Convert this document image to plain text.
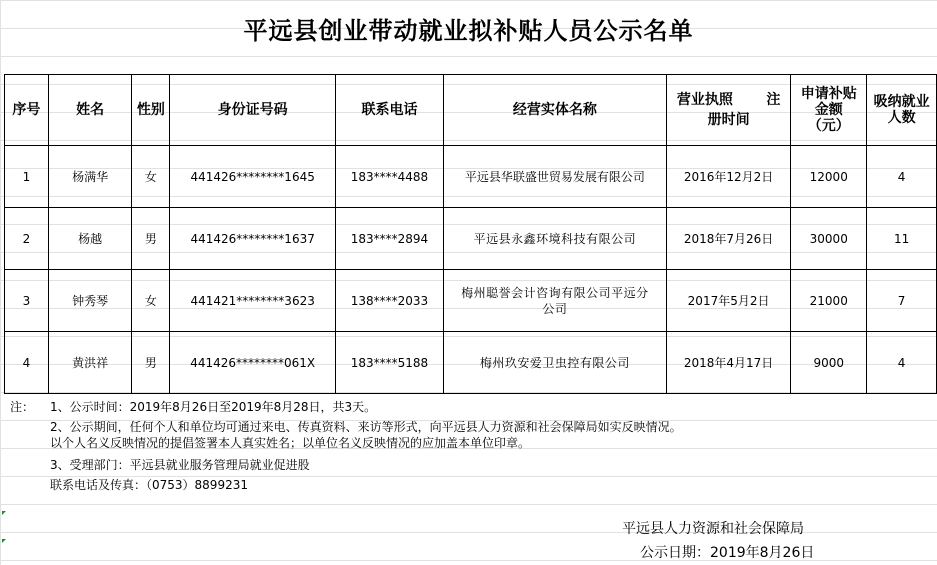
平远县创业带动就业拟补贴人员公示名单
序号	姓名	性别	身份证号码	联系电话	经营实体名称	营业执照 注
册时间	申请补贴金额（元）	吸纳就业人数
1	杨满华	女	441426********1645	183****4488	平远县华联盛世贸易发展有限公司	2016年12月2日	12000	4
2	杨越	男	441426********1637	183****2894	平远县永鑫环境科技有限公司	2018年7月26日	30000	11
3	钟秀琴	女	441421********3623	138****2033	梅州聪誉会计咨询有限公司平远分公司	2017年5月2日	21000	7
4	黄洪祥	男	441426********061X	183****5188	梅州玖安爱卫虫控有限公司	2018年4月17日	9000	4
注： 1、公示时间：2019年8月26日至2019年8月28日，共3天。
2、公示期间，任何个人和单位均可通过来电、传真资料、来访等形式，向平远县人力资源和社会保障局如实反映情况。
以个人名义反映情况的提倡签署本人真实姓名；以单位名义反映情况的应加盖本单位印章。
3、受理部门：平远县就业服务管理局就业促进股
联系电话及传真：（0753）8899231
平远县人力资源和社会保障局
公示日期：2019年8月26日
